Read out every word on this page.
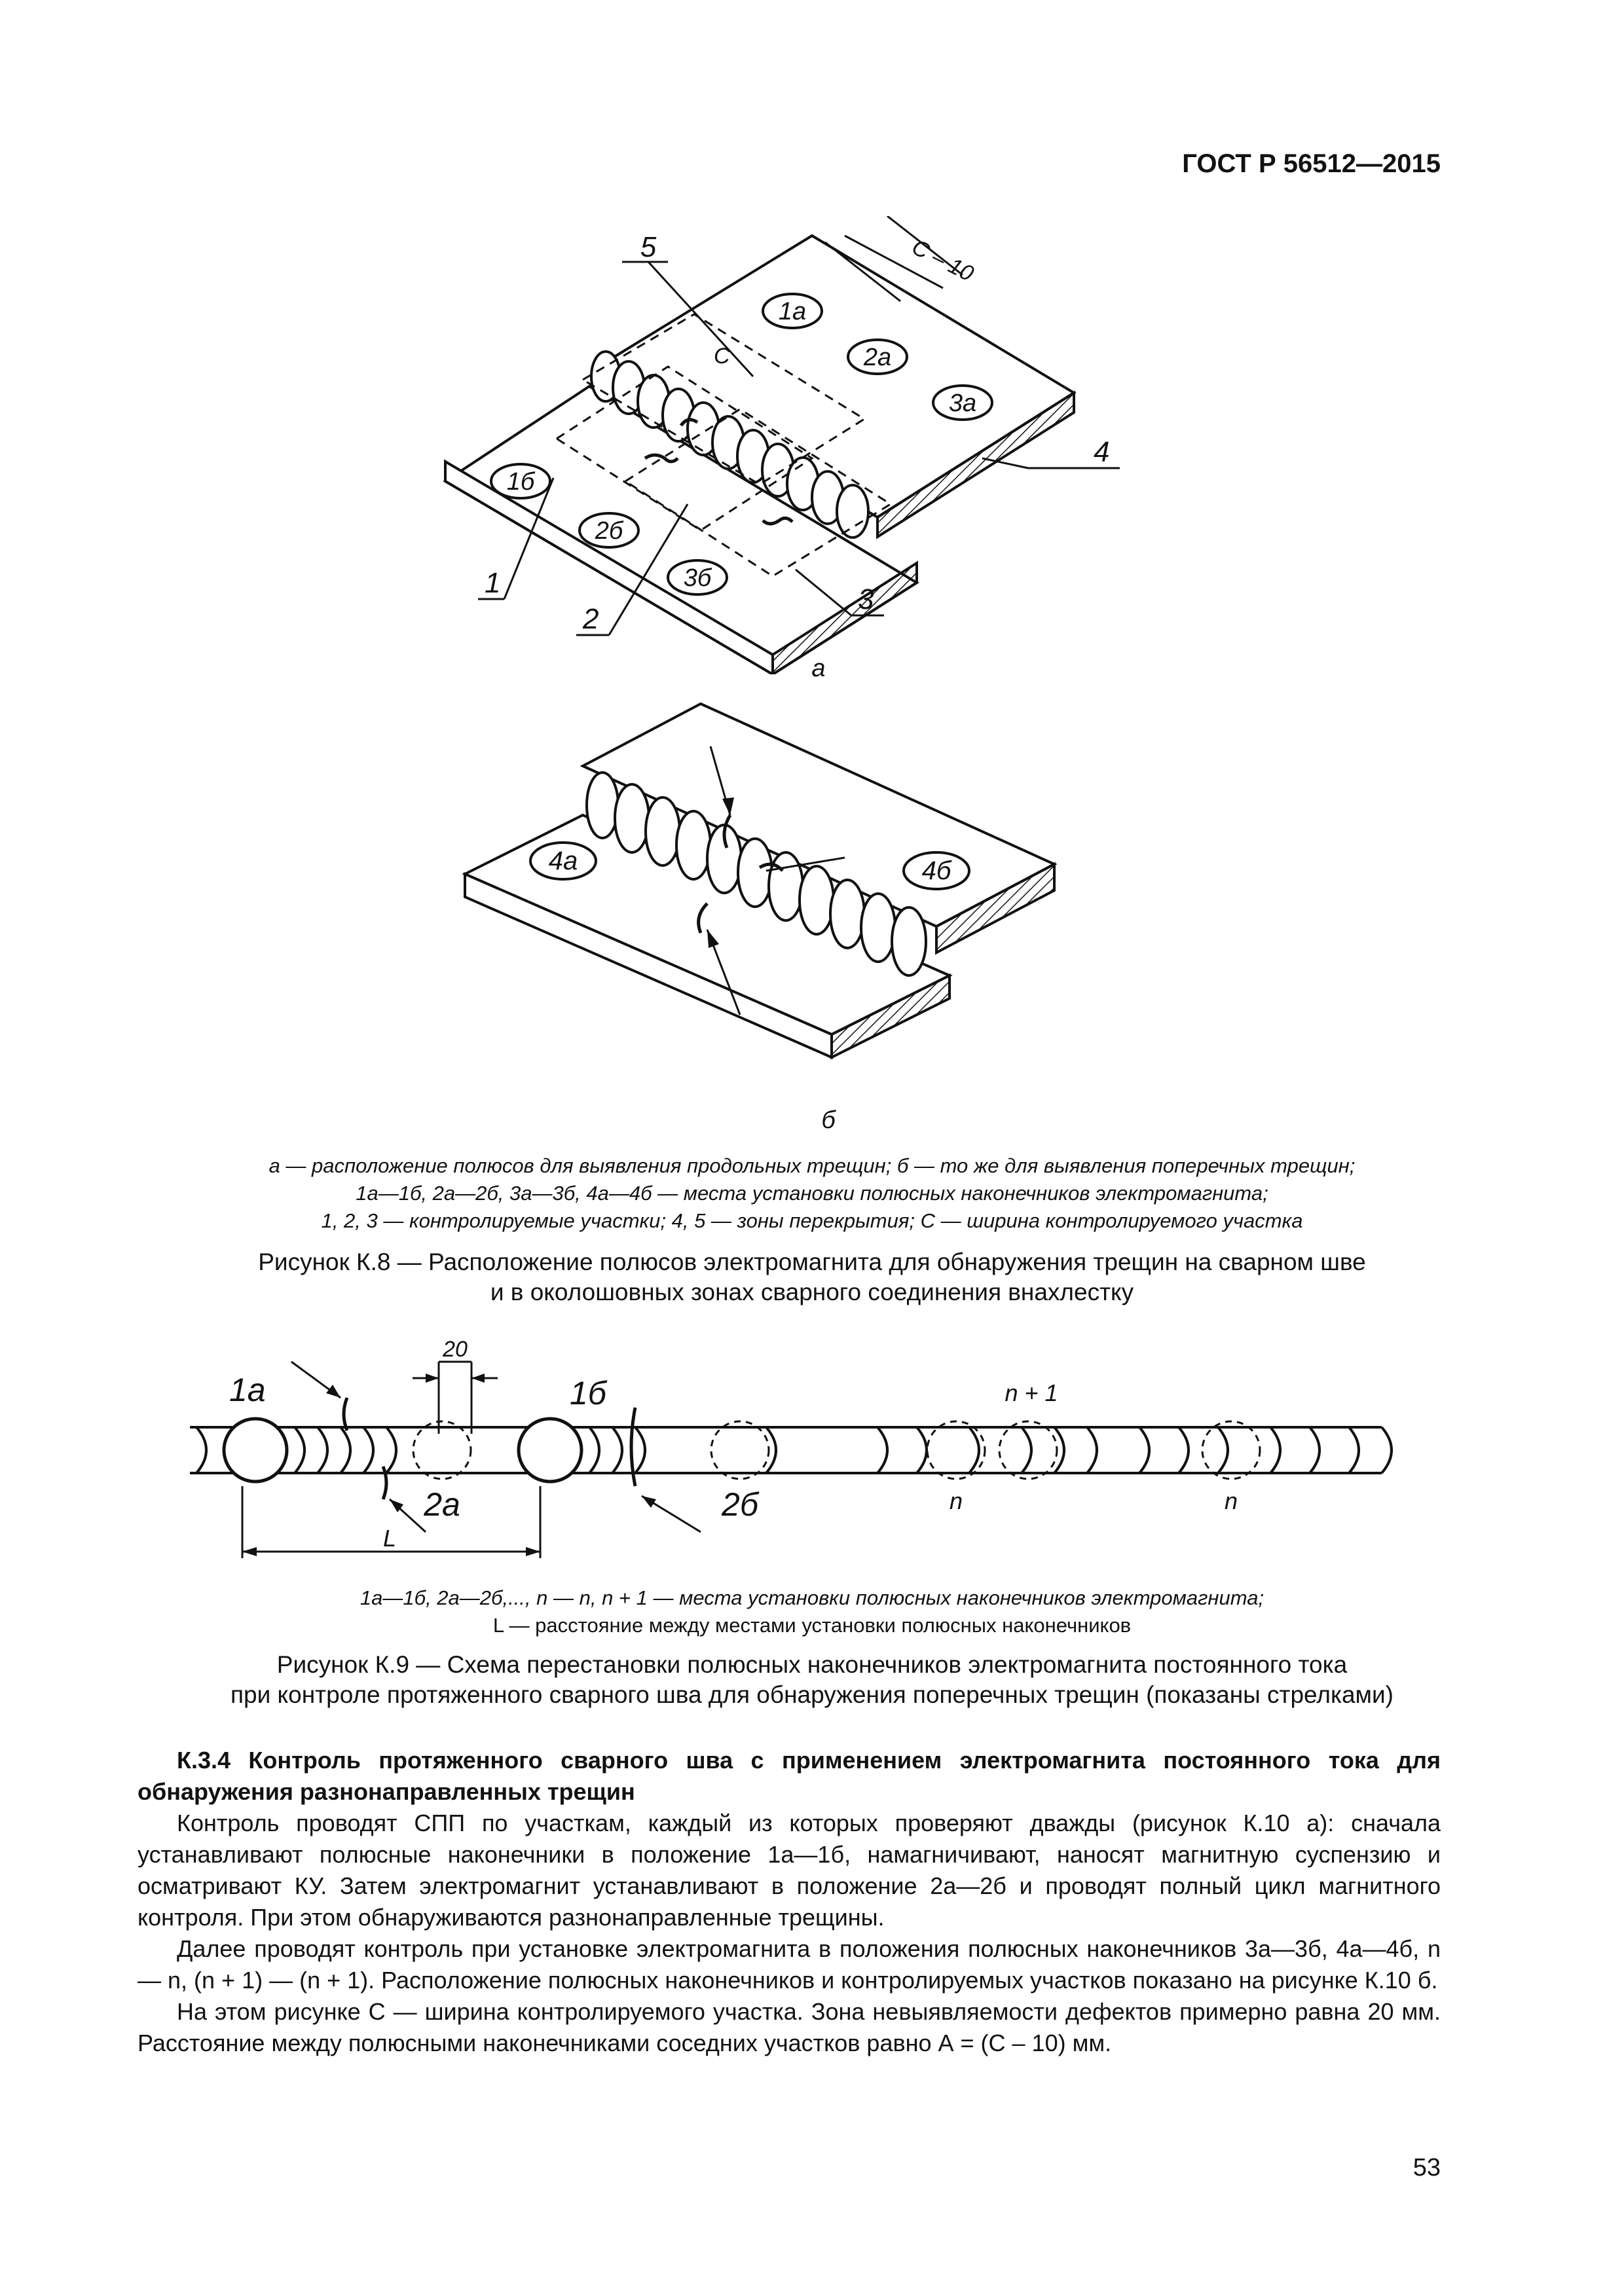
ГОСТ Р 56512—2015
1а
2а
3а
1б
2б
3б
С – 10
С
5
4
3
2
1
а
4а	4б
б
а — расположение полюсов для выявления продольных трещин; б — то же для выявления поперечных трещин;
1а—1б, 2а—2б, 3а—3б, 4а—4б — места установки полюсных наконечников электромагнита;
1, 2, 3 — контролируемые участки; 4, 5 — зоны перекрытия; С — ширина контролируемого участка
Рисунок К.8 — Расположение полюсов электромагнита для обнаружения трещин на сварном шве
и в околошовных зонах сварного соединения внахлестку
20
1а	1б
2а	2б
n + 1
n	n
L
1а—1б, 2а—2б,..., n — n, n + 1 — места установки полюсных наконечников электромагнита;
L — расстояние между местами установки полюсных наконечников
Рисунок К.9 — Схема перестановки полюсных наконечников электромагнита постоянного тока
при контроле протяженного сварного шва для обнаружения поперечных трещин (показаны стрелками)

К.3.4 Контроль протяженного сварного шва с применением электромагнита постоянного тока для обнаружения разнонаправленных трещин

Контроль проводят СПП по участкам, каждый из которых проверяют дважды (рисунок К.10 а): сначала устанавливают полюсные наконечники в положение 1а—1б, намагничивают, наносят магнитную суспензию и осматривают КУ. Затем электромагнит устанавливают в положение 2а—2б и проводят полный цикл магнитного контроля. При этом обнаруживаются разнонаправленные трещины.

Далее проводят контроль при установке электромагнита в положения полюсных наконечников 3а—3б, 4а—4б, n — n, (n + 1) — (n + 1). Расположение полюсных наконечников и контролируемых участков показано на рисунке К.10 б.

На этом рисунке С — ширина контролируемого участка. Зона невыявляемости дефектов примерно равна 20 мм. Расстояние между полюсными наконечниками соседних участков равно А = (С – 10) мм.

53
